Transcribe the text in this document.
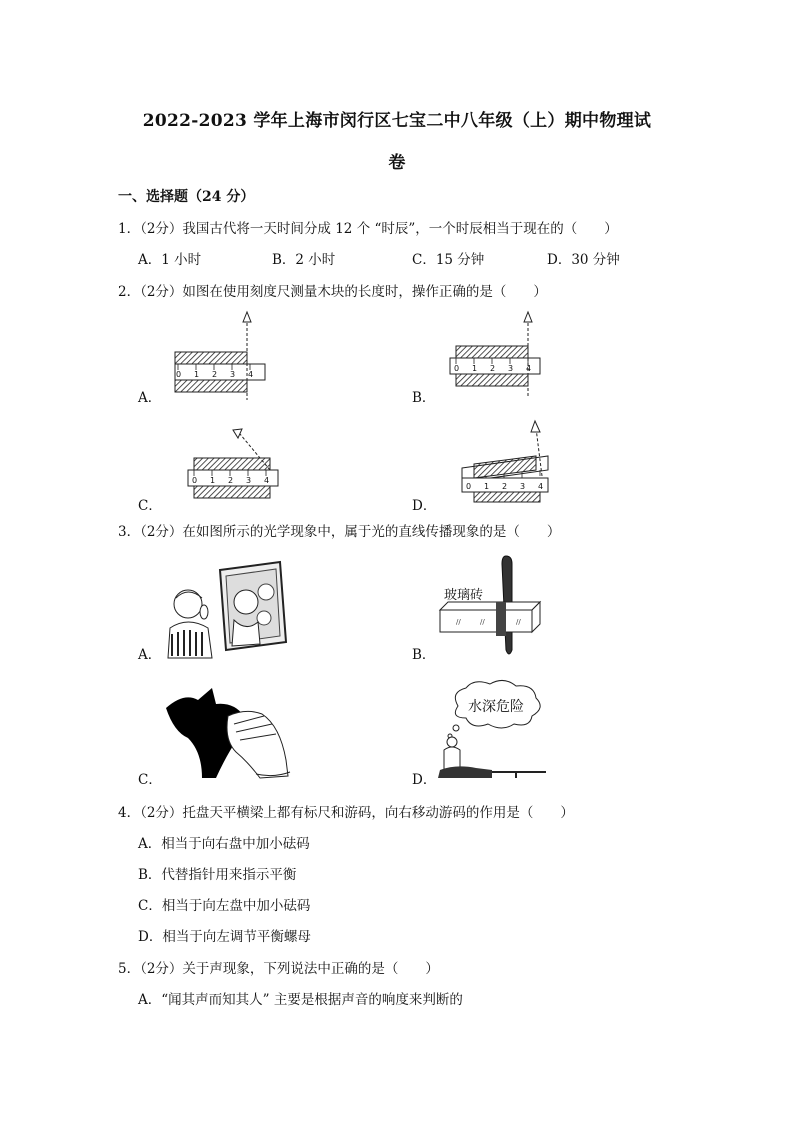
2022-2023 学年上海市闵行区七宝二中八年级（上）期中物理试
卷
一、选择题（24 分）
1．（2分）我国古代将一天时间分成 12 个 “时辰”，一个时辰相当于现在的（　　）
A．1 小时	B．2 小时	C．15 分钟	D．30 分钟
2．（2分）如图在使用刻度尺测量木块的长度时，操作正确的是（　　）
A．
0 1 2 3 4
B．
0 1 2 3 4
C．
0 1 2 3 4
D．
0 1 2 3 4
3．（2分）在如图所示的光学现象中，属于光的直线传播现象的是（　　）
A．	B．
//	//	//
玻璃砖
C．	D．
水深危险
4．（2分）托盘天平横梁上都有标尺和游码，向右移动游码的作用是（　　）
A．相当于向右盘中加小砝码
B．代替指针用来指示平衡
C．相当于向左盘中加小砝码
D．相当于向左调节平衡螺母
5．（2分）关于声现象，下列说法中正确的是（　　）
A．“闻其声而知其人” 主要是根据声音的响度来判断的
